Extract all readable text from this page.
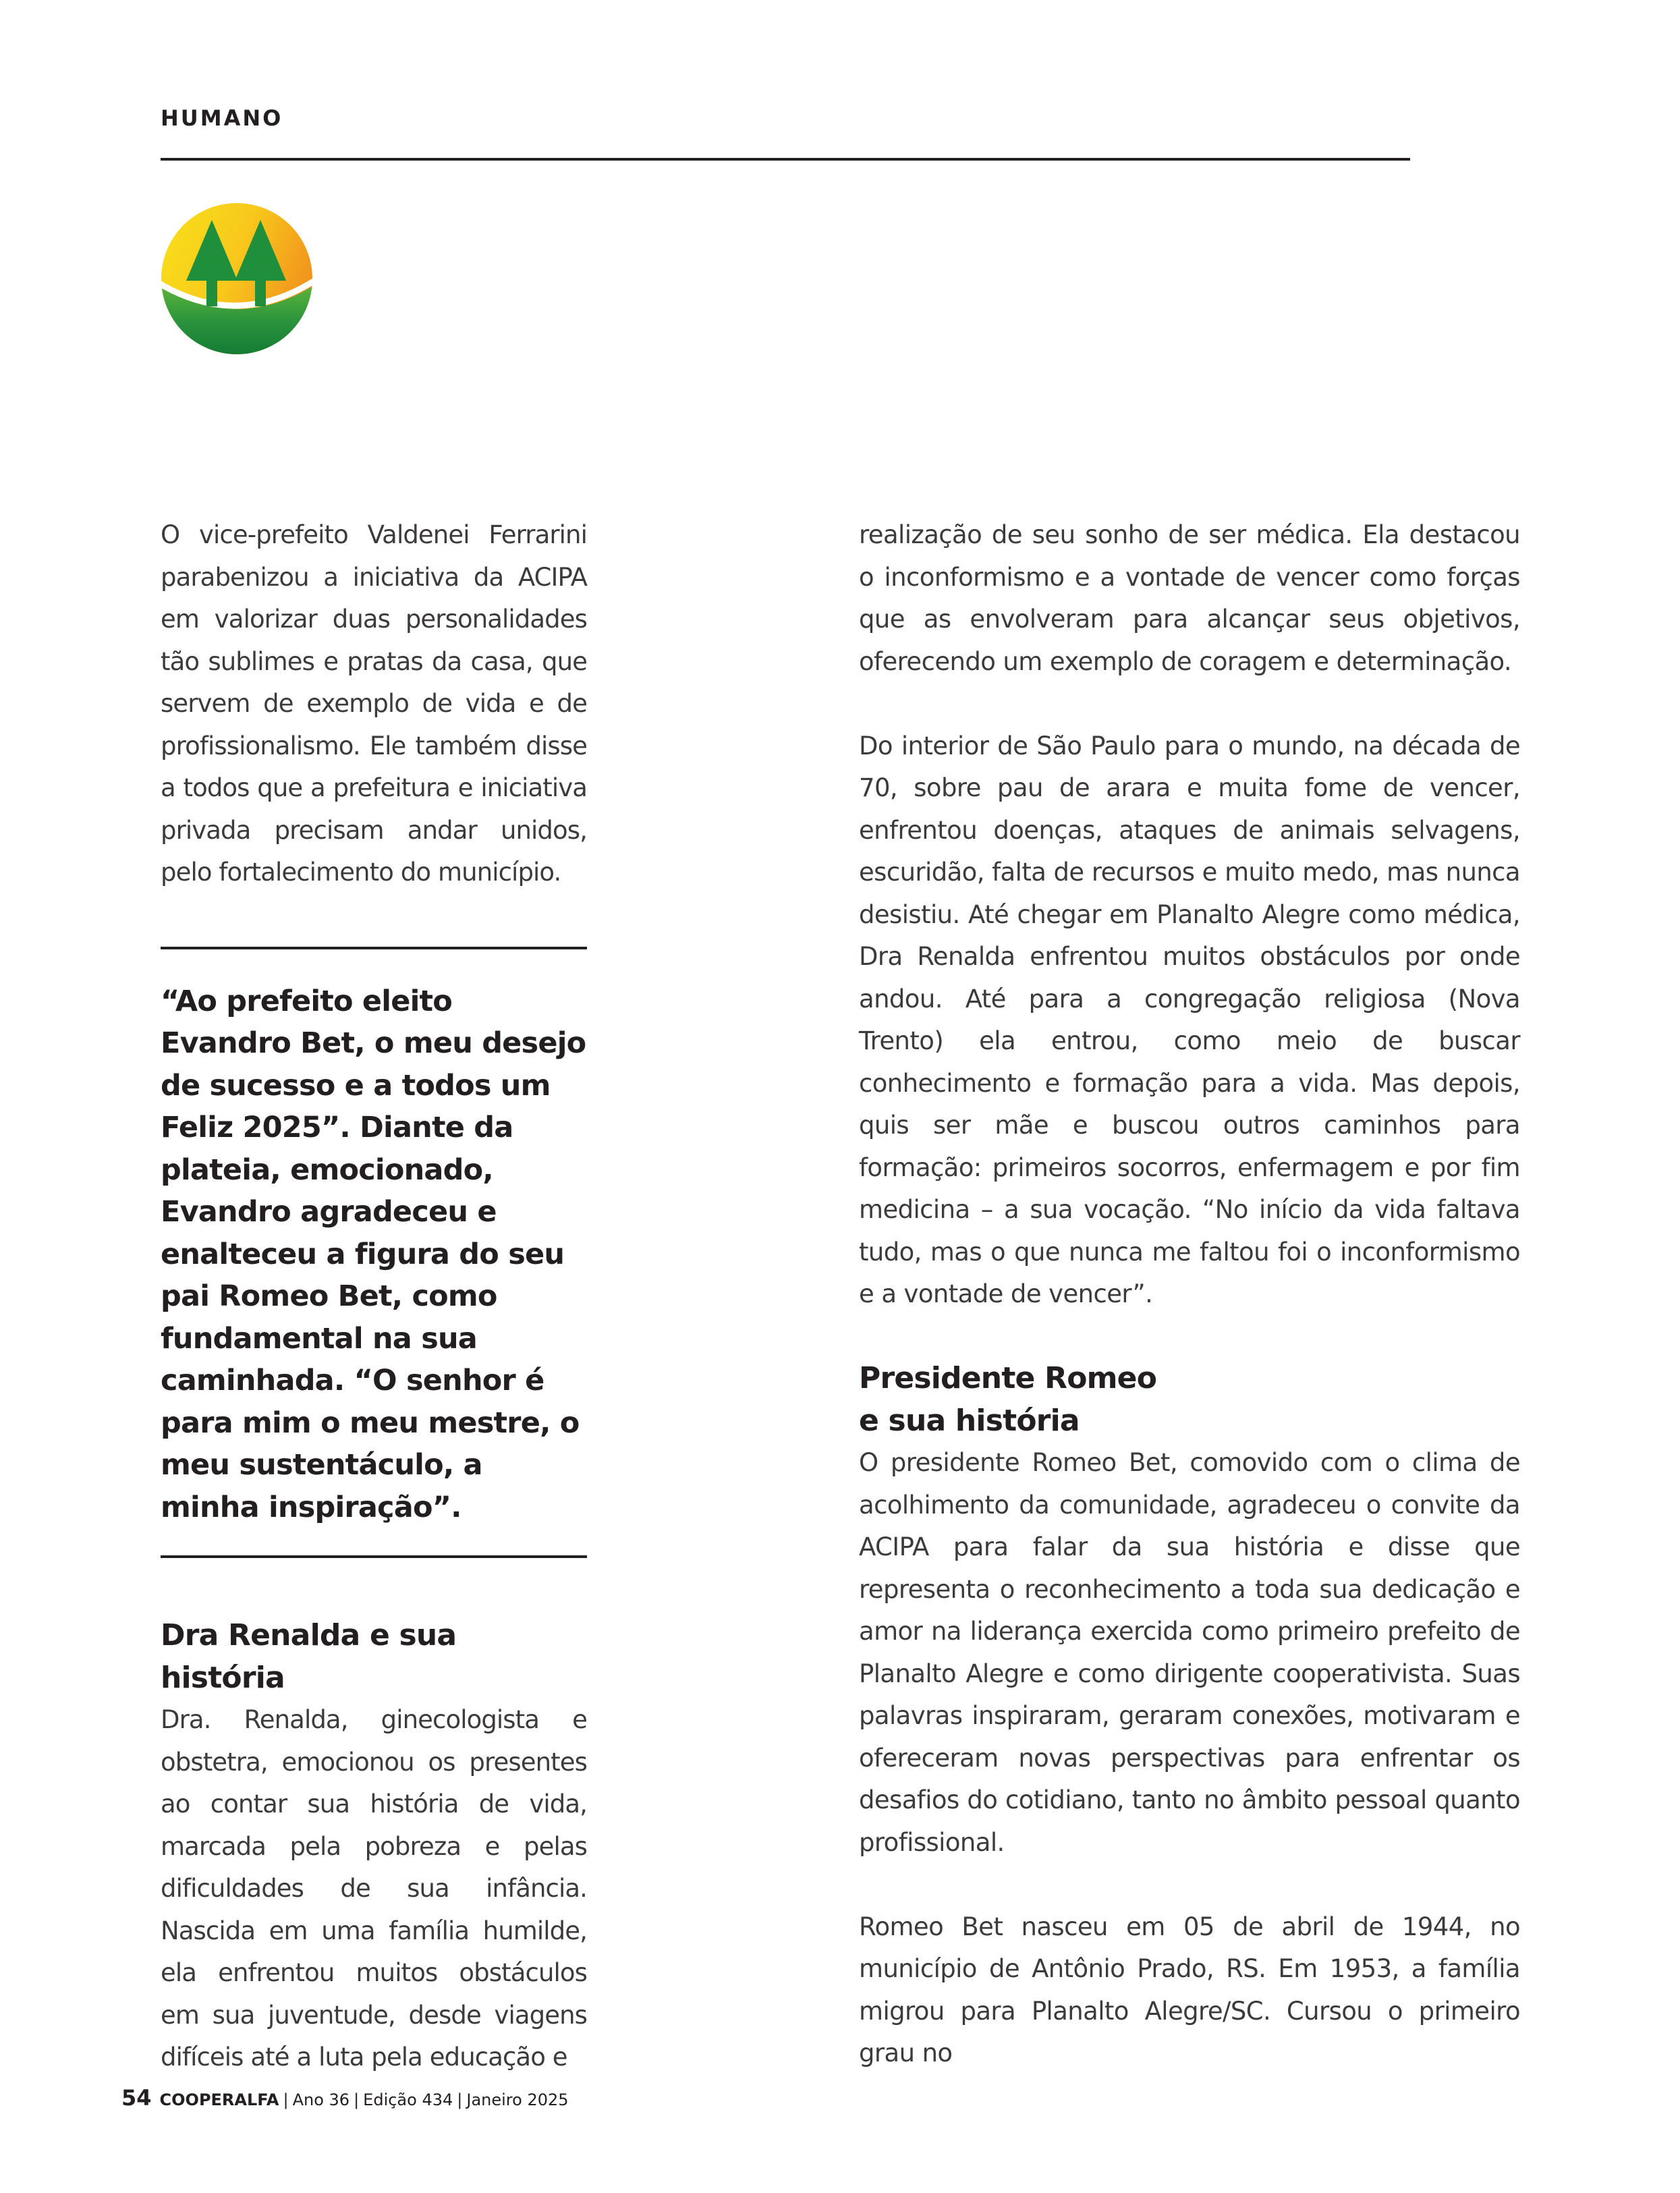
HUMANO

O vice-prefeito Valdenei Ferrarini parabenizou a iniciativa da ACIPA em valorizar duas personalidades tão sublimes e pratas da casa, que servem de exemplo de vida e de profissionalismo. Ele também disse a todos que a prefeitura e iniciativa privada precisam andar unidos, pelo fortalecimento do município.

“Ao prefeito eleito Evandro Bet, o meu desejo de sucesso e a todos um Feliz 2025”. Diante da plateia, emocionado, Evandro agradeceu e enalteceu a figura do seu pai Romeo Bet, como fundamental na sua caminhada. “O senhor é para mim o meu mestre, o meu sustentáculo, a minha inspiração”.
Dra Renalda e sua história

Dra. Renalda, ginecologista e obstetra, emocionou os presentes ao contar sua história de vida, marcada pela pobreza e pelas dificuldades de sua infância. Nascida em uma família humilde, ela enfrentou muitos obstáculos em sua juventude, desde viagens difíceis até a luta pela educação e

realização de seu sonho de ser médica. Ela destacou o inconformismo e a vontade de vencer como forças que as envolveram para alcançar seus objetivos, oferecendo um exemplo de coragem e determinação.

Do interior de São Paulo para o mundo, na década de 70, sobre pau de arara e muita fome de vencer, enfrentou doenças, ataques de animais selvagens, escuridão, falta de recursos e muito medo, mas nunca desistiu. Até chegar em Planalto Alegre como médica, Dra Renalda enfrentou muitos obstáculos por onde andou. Até para a congregação religiosa (Nova Trento) ela entrou, como meio de buscar conhecimento e formação para a vida. Mas depois, quis ser mãe e buscou outros caminhos para formação: primeiros socorros, enfermagem e por fim medicina – a sua vocação. “No início da vida faltava tudo, mas o que nunca me faltou foi o inconformismo e a vontade de vencer”.

Presidente Romeo
e sua história

O presidente Romeo Bet, comovido com o clima de acolhimento da comunidade, agradeceu o convite da ACIPA para falar da sua história e disse que representa o reconhecimento a toda sua dedicação e amor na liderança exercida como primeiro prefeito de Planalto Alegre e como dirigente cooperativista. Suas palavras inspiraram, geraram conexões, motivaram e ofereceram novas perspectivas para enfrentar os desafios do cotidiano, tanto no âmbito pessoal quanto profissional.

Romeo Bet nasceu em 05 de abril de 1944, no município de Antônio Prado, RS. Em 1953, a família migrou para Planalto Alegre/SC. Cursou o primeiro grau no

54 COOPERALFA | Ano 36 | Edição 434 | Janeiro 2025
